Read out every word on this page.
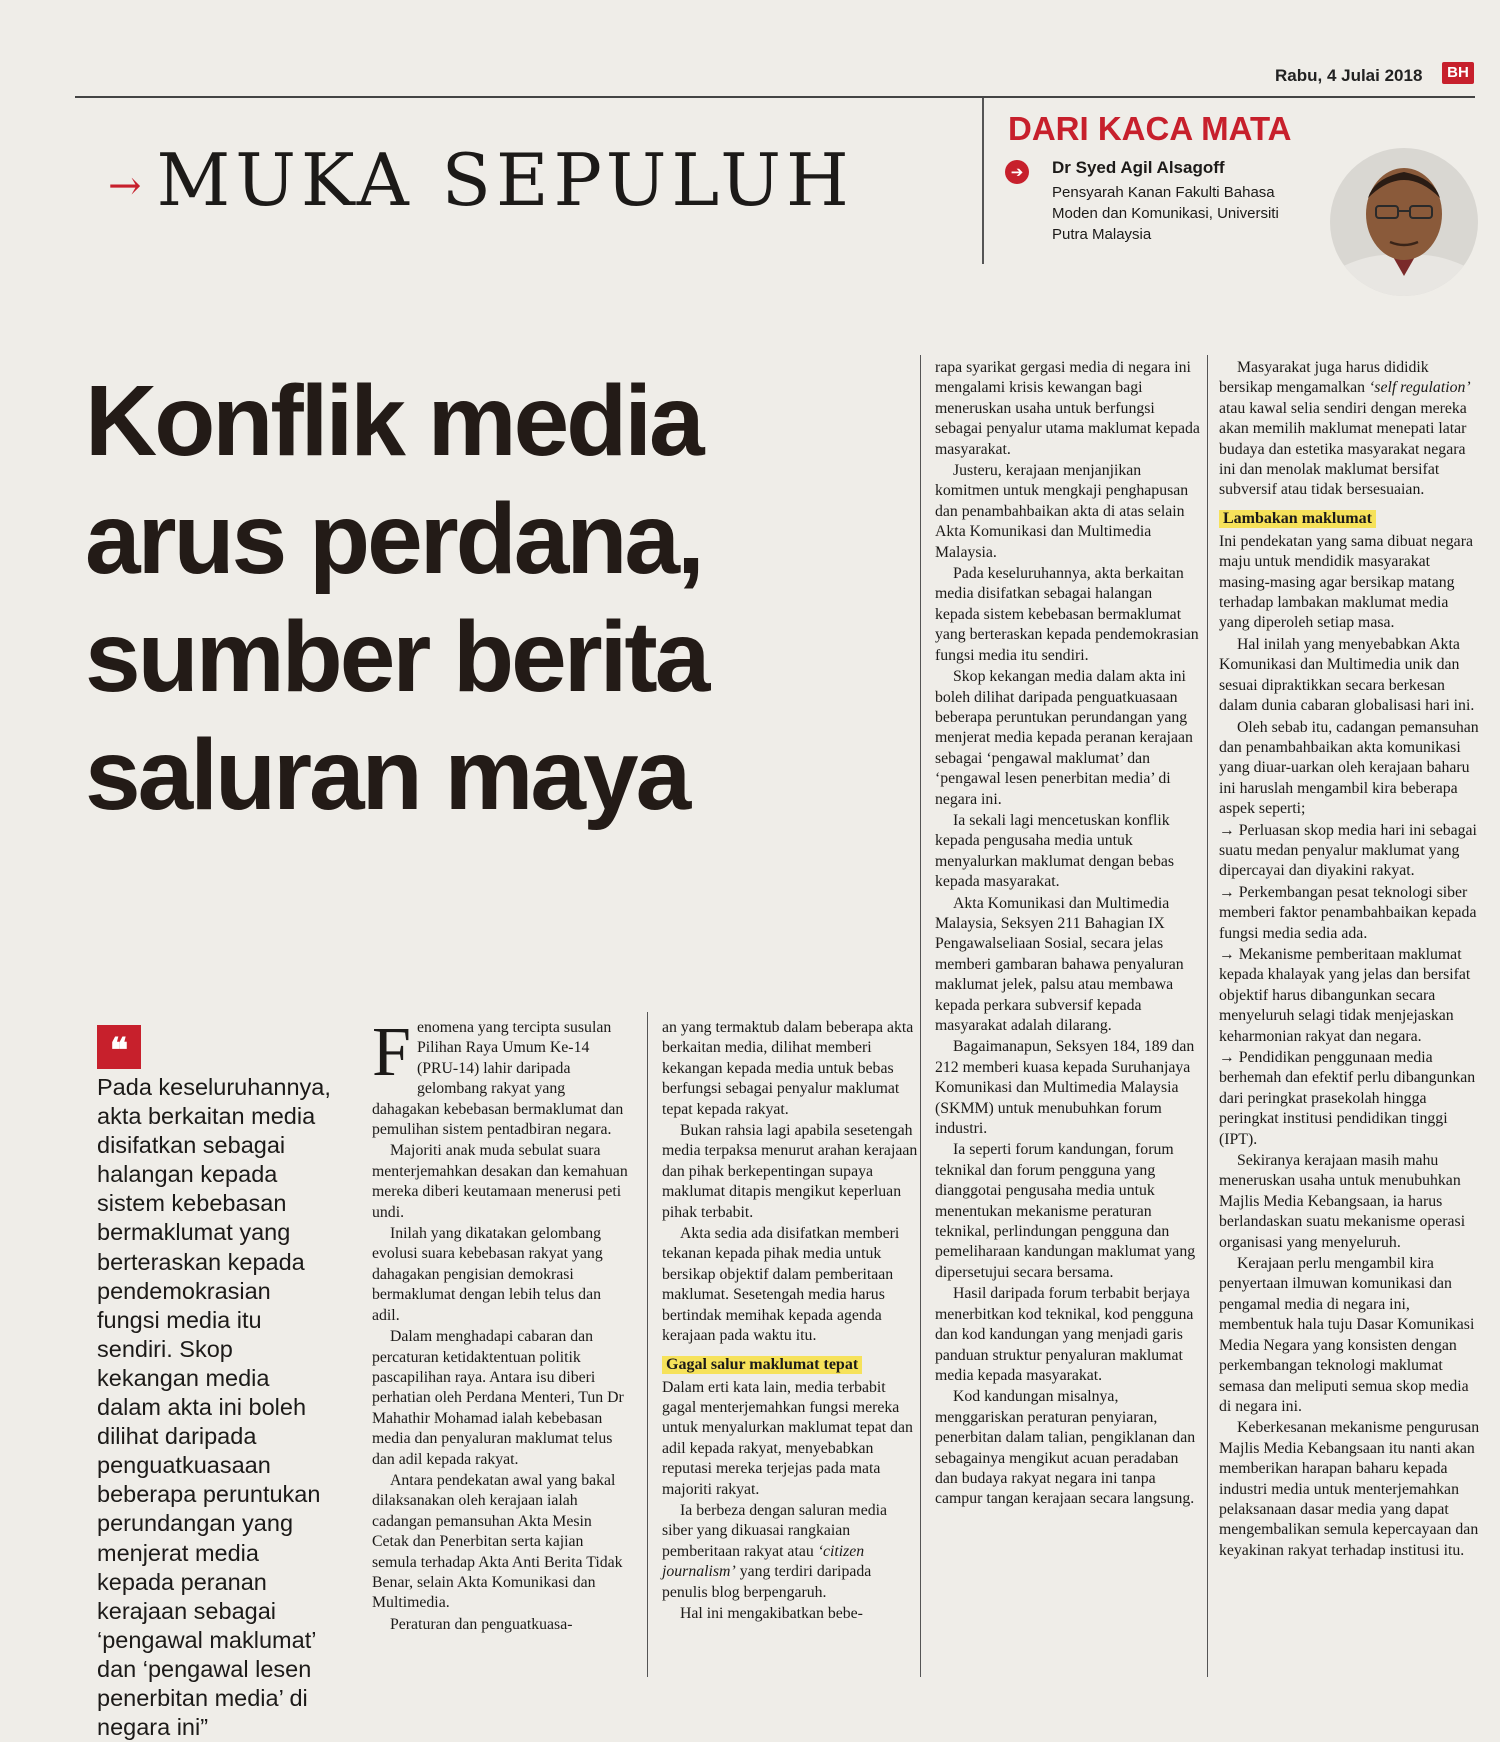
Rabu, 4 Julai 2018	BH
→ MUKA SEPULUH
DARI KACA MATA
➔	Dr Syed Agil Alsagoff
Pensyarah Kanan Fakulti Bahasa Moden dan Komunikasi, Universiti Putra Malaysia
Konflik media arus perdana, sumber berita saluran maya
❝
Pada keseluruhannya, akta berkaitan media disifatkan sebagai halangan kepada sistem kebebasan bermaklumat yang berteraskan kepada pendemokrasian fungsi media itu sendiri. Skop kekangan media dalam akta ini boleh dilihat daripada penguatkuasaan beberapa peruntukan perundangan yang menjerat media kepada peranan kerajaan sebagai ‘pengawal maklumat’ dan ‘pengawal lesen penerbitan media’ di negara ini”

Fenomena yang tercipta susulan Pilihan Raya Umum Ke-14 (PRU-14) lahir daripada gelombang rakyat yang dahagakan kebebasan bermaklumat dan pemulihan sistem pentadbiran negara.

Majoriti anak muda sebulat suara menterjemahkan desakan dan kemahuan mereka diberi keutamaan menerusi peti undi.

Inilah yang dikatakan gelombang evolusi suara kebebasan rakyat yang dahagakan pengisian demokrasi bermaklumat dengan lebih telus dan adil.

Dalam menghadapi cabaran dan percaturan ketidaktentuan politik pascapilihan raya. Antara isu diberi perhatian oleh Perdana Menteri, Tun Dr Mahathir Mohamad ialah kebebasan media dan penyaluran maklumat telus dan adil kepada rakyat.

Antara pendekatan awal yang bakal dilaksanakan oleh kerajaan ialah cadangan pemansuhan Akta Mesin Cetak dan Penerbitan serta kajian semula terhadap Akta Anti Berita Tidak Benar, selain Akta Komunikasi dan Multimedia.

Peraturan dan penguatkuasa-

an yang termaktub dalam beberapa akta berkaitan media, dilihat memberi kekangan kepada media untuk bebas berfungsi sebagai penyalur maklumat tepat kepada rakyat.

Bukan rahsia lagi apabila sesetengah media terpaksa menurut arahan kerajaan dan pihak berkepentingan supaya maklumat ditapis mengikut keperluan pihak terbabit.

Akta sedia ada disifatkan memberi tekanan kepada pihak media untuk bersikap objektif dalam pemberitaan maklumat. Sesetengah media harus bertindak memihak kepada agenda kerajaan pada waktu itu.

Gagal salur maklumat tepat

Dalam erti kata lain, media terbabit gagal menterjemahkan fungsi mereka untuk menyalurkan maklumat tepat dan adil kepada rakyat, menyebabkan reputasi mereka terjejas pada mata majoriti rakyat.

Ia berbeza dengan saluran media siber yang dikuasai rangkaian pemberitaan rakyat atau ‘citizen journalism’ yang terdiri daripada penulis blog berpengaruh.

Hal ini mengakibatkan bebe-

rapa syarikat gergasi media di negara ini mengalami krisis kewangan bagi meneruskan usaha untuk berfungsi sebagai penyalur utama maklumat kepada masyarakat.

Justeru, kerajaan menjanjikan komitmen untuk mengkaji penghapusan dan penambahbaikan akta di atas selain Akta Komunikasi dan Multimedia Malaysia.

Pada keseluruhannya, akta berkaitan media disifatkan sebagai halangan kepada sistem kebebasan bermaklumat yang berteraskan kepada pendemokrasian fungsi media itu sendiri.

Skop kekangan media dalam akta ini boleh dilihat daripada penguatkuasaan beberapa peruntukan perundangan yang menjerat media kepada peranan kerajaan sebagai ‘pengawal maklumat’ dan ‘pengawal lesen penerbitan media’ di negara ini.

Ia sekali lagi mencetuskan konflik kepada pengusaha media untuk menyalurkan maklumat dengan bebas kepada masyarakat.

Akta Komunikasi dan Multimedia Malaysia, Seksyen 211 Bahagian IX Pengawalseliaan Sosial, secara jelas memberi gambaran bahawa penyaluran maklumat jelek, palsu atau membawa kepada perkara subversif kepada masyarakat adalah dilarang.

Bagaimanapun, Seksyen 184, 189 dan 212 memberi kuasa kepada Suruhanjaya Komunikasi dan Multimedia Malaysia (SKMM) untuk menubuhkan forum industri.

Ia seperti forum kandungan, forum teknikal dan forum pengguna yang dianggotai pengusaha media untuk menentukan mekanisme peraturan teknikal, perlindungan pengguna dan pemeliharaan kandungan maklumat yang dipersetujui secara bersama.

Hasil daripada forum terbabit berjaya menerbitkan kod teknikal, kod pengguna dan kod kandungan yang menjadi garis panduan struktur penyaluran maklumat media kepada masyarakat.

Kod kandungan misalnya, menggariskan peraturan penyiaran, penerbitan dalam talian, pengiklanan dan sebagainya mengikut acuan peradaban dan budaya rakyat negara ini tanpa campur tangan kerajaan secara langsung.

Masyarakat juga harus dididik bersikap mengamalkan ‘self regulation’ atau kawal selia sendiri dengan mereka akan memilih maklumat menepati latar budaya dan estetika masyarakat negara ini dan menolak maklumat bersifat subversif atau tidak bersesuaian.

Lambakan maklumat

Ini pendekatan yang sama dibuat negara maju untuk mendidik masyarakat masing-masing agar bersikap matang terhadap lambakan maklumat media yang diperoleh setiap masa.

Hal inilah yang menyebabkan Akta Komunikasi dan Multimedia unik dan sesuai dipraktikkan secara berkesan dalam dunia cabaran globalisasi hari ini.

Oleh sebab itu, cadangan pemansuhan dan penambahbaikan akta komunikasi yang diuar-uarkan oleh kerajaan baharu ini haruslah mengambil kira beberapa aspek seperti;

→ Perluasan skop media hari ini sebagai suatu medan penyalur maklumat yang dipercayai dan diyakini rakyat.

→ Perkembangan pesat teknologi siber memberi faktor penambahbaikan kepada fungsi media sedia ada.

→ Mekanisme pemberitaan maklumat kepada khalayak yang jelas dan bersifat objektif harus dibangunkan secara menyeluruh selagi tidak menjejaskan keharmonian rakyat dan negara.

→ Pendidikan penggunaan media berhemah dan efektif perlu dibangunkan dari peringkat prasekolah hingga peringkat institusi pendidikan tinggi (IPT).

Sekiranya kerajaan masih mahu meneruskan usaha untuk menubuhkan Majlis Media Kebangsaan, ia harus berlandaskan suatu mekanisme operasi organisasi yang menyeluruh.

Kerajaan perlu mengambil kira penyertaan ilmuwan komunikasi dan pengamal media di negara ini, membentuk hala tuju Dasar Komunikasi Media Negara yang konsisten dengan perkembangan teknologi maklumat semasa dan meliputi semua skop media di negara ini.

Keberkesanan mekanisme pengurusan Majlis Media Kebangsaan itu nanti akan memberikan harapan baharu kepada industri media untuk menterjemahkan pelaksanaan dasar media yang dapat mengembalikan semula kepercayaan dan keyakinan rakyat terhadap institusi itu.
